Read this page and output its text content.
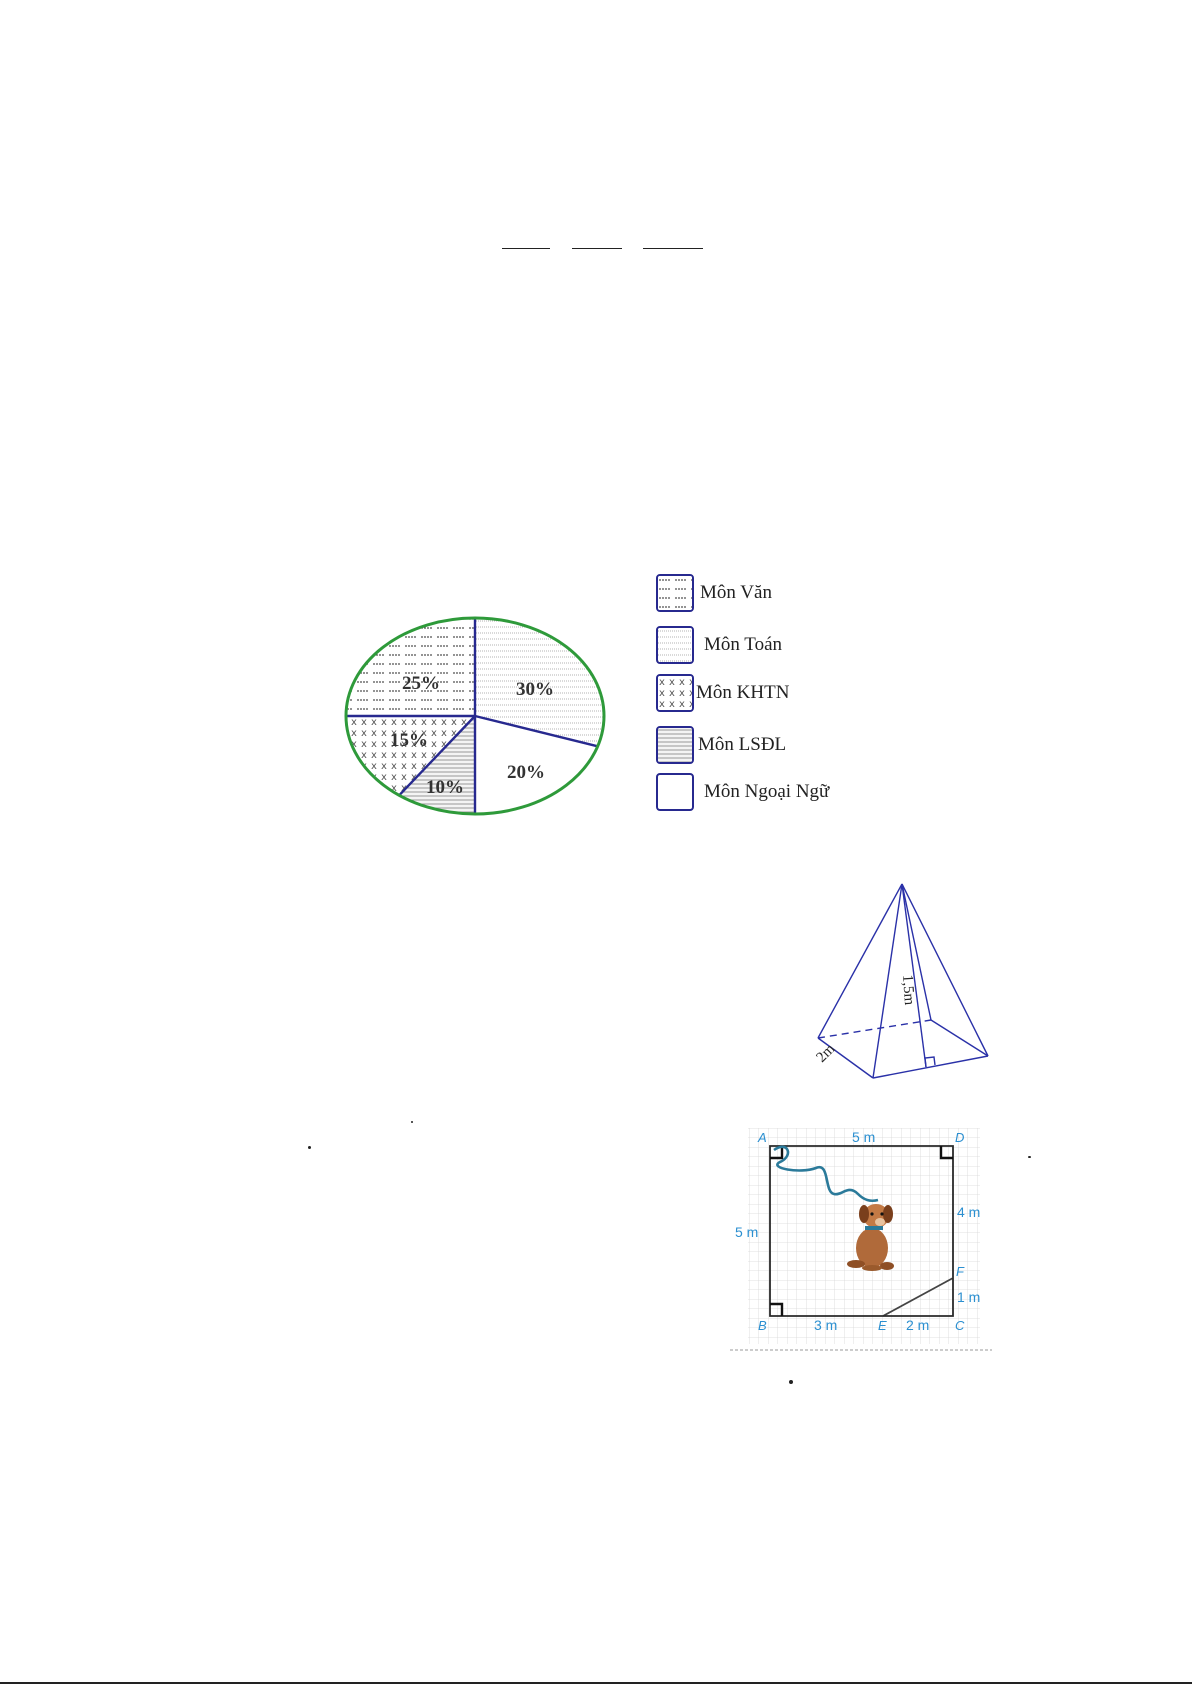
25%	30%
20%
10%
15%
Môn Văn
Môn Toán
Môn KHTN
Môn LSĐL
Môn Ngoại Ngữ
1,5m
2m
5 m
5 m
4 m
1 m
3 m	2 m
A	D
B	C
E
F
